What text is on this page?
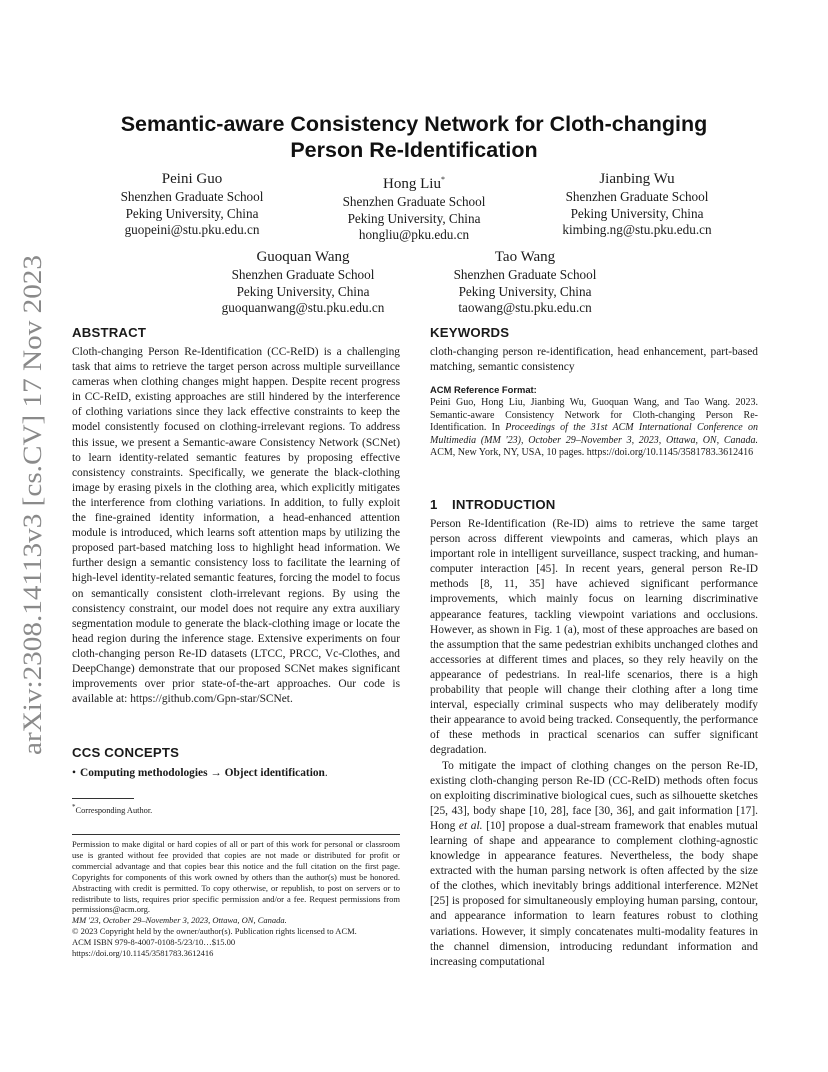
arXiv:2308.14113v3 [cs.CV] 17 Nov 2023
Semantic-aware Consistency Network for Cloth-changing
Person Re-Identification
Peini Guo
Shenzhen Graduate School
Peking University, China
guopeini@stu.pku.edu.cn
Hong Liu*
Shenzhen Graduate School
Peking University, China
hongliu@pku.edu.cn
Jianbing Wu
Shenzhen Graduate School
Peking University, China
kimbing.ng@stu.pku.edu.cn
Guoquan Wang
Shenzhen Graduate School
Peking University, China
guoquanwang@stu.pku.edu.cn
Tao Wang
Shenzhen Graduate School
Peking University, China
taowang@stu.pku.edu.cn
ABSTRACT

Cloth-changing Person Re-Identification (CC-ReID) is a challenging task that aims to retrieve the target person across multiple surveillance cameras when clothing changes might happen. Despite recent progress in CC-ReID, existing approaches are still hindered by the interference of clothing variations since they lack effective constraints to keep the model consistently focused on clothing-irrelevant regions. To address this issue, we present a Semantic-aware Consistency Network (SCNet) to learn identity-related semantic features by proposing effective consistency constraints. Specifically, we generate the black-clothing image by erasing pixels in the clothing area, which explicitly mitigates the interference from clothing variations. In addition, to fully exploit the fine-grained identity information, a head-enhanced attention module is introduced, which learns soft attention maps by utilizing the proposed part-based matching loss to highlight head information. We further design a semantic consistency loss to facilitate the learning of high-level identity-related semantic features, forcing the model to focus on semantically consistent cloth-irrelevant regions. By using the consistency constraint, our model does not require any extra auxiliary segmentation module to generate the black-clothing image or locate the head region during the inference stage. Extensive experiments on four cloth-changing person Re-ID datasets (LTCC, PRCC, Vc-Clothes, and DeepChange) demonstrate that our proposed SCNet makes significant improvements over prior state-of-the-art approaches. Our code is available at: https://github.com/Gpn-star/SCNet.

CCS CONCEPTS
• Computing methodologies → Object identification.
*Corresponding Author.

Permission to make digital or hard copies of all or part of this work for personal or classroom use is granted without fee provided that copies are not made or distributed for profit or commercial advantage and that copies bear this notice and the full citation on the first page. Copyrights for components of this work owned by others than the author(s) must be honored. Abstracting with credit is permitted. To copy otherwise, or republish, to post on servers or to redistribute to lists, requires prior specific permission and/or a fee. Request permissions from permissions@acm.org.

MM '23, October 29–November 3, 2023, Ottawa, ON, Canada.
© 2023 Copyright held by the owner/author(s). Publication rights licensed to ACM.
ACM ISBN 979-8-4007-0108-5/23/10…$15.00
https://doi.org/10.1145/3581783.3612416
KEYWORDS

cloth-changing person re-identification, head enhancement, part-based matching, semantic consistency

ACM Reference Format:

Peini Guo, Hong Liu, Jianbing Wu, Guoquan Wang, and Tao Wang. 2023. Semantic-aware Consistency Network for Cloth-changing Person Re-Identification. In Proceedings of the 31st ACM International Conference on Multimedia (MM '23), October 29–November 3, 2023, Ottawa, ON, Canada. ACM, New York, NY, USA, 10 pages. https://doi.org/10.1145/3581783.3612416

1 INTRODUCTION

Person Re-Identification (Re-ID) aims to retrieve the same target person across different viewpoints and cameras, which plays an important role in intelligent surveillance, suspect tracking, and human-computer interaction [45]. In recent years, general person Re-ID methods [8, 11, 35] have achieved significant performance improvements, which mainly focus on learning discriminative appearance features, tackling viewpoint variations and occlusions. However, as shown in Fig. 1 (a), most of these approaches are based on the assumption that the same pedestrian exhibits unchanged clothes and accessories at different times and places, so they rely heavily on the appearance of pedestrians. In real-life scenarios, there is a high probability that people will change their clothing after a long time interval, especially criminal suspects who may deliberately modify their appearance to avoid being tracked. Consequently, the performance of these methods in practical scenarios can suffer significant degradation.

To mitigate the impact of clothing changes on the person Re-ID, existing cloth-changing person Re-ID (CC-ReID) methods often focus on exploiting discriminative biological cues, such as silhouette sketches [25, 43], body shape [10, 28], face [30, 36], and gait information [17]. Hong et al. [10] propose a dual-stream framework that enables mutual learning of shape and appearance to complement clothing-agnostic knowledge in appearance features. Nevertheless, the body shape extracted with the human parsing network is often affected by the size of the clothes, which inevitably brings additional interference. M2Net [25] is proposed for simultaneously employing human parsing, contour, and appearance information to learn features robust to clothing variations. However, it simply concatenates multi-modality features in the channel dimension, introducing redundant information and increasing computational
